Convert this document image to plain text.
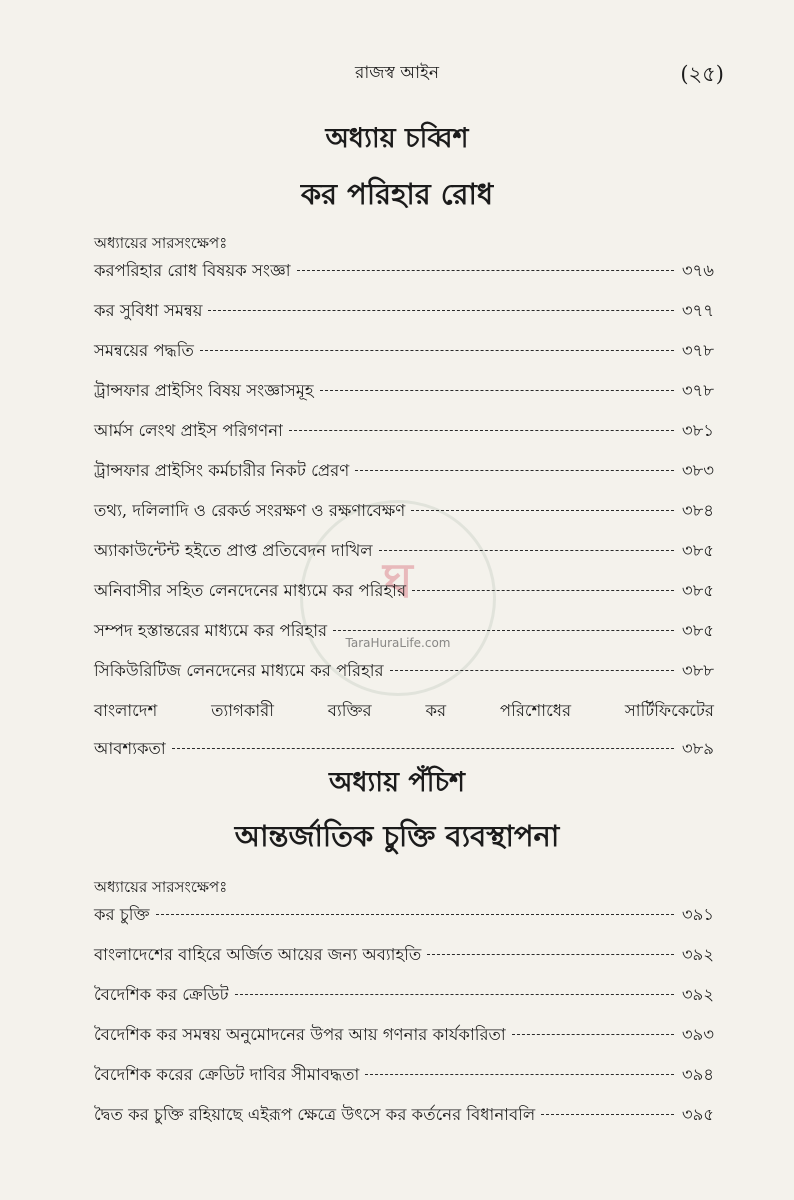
রাজস্ব আইন	(২৫)
ঘ
TaraHuraLife.com
অধ্যায় চব্বিশ
কর পরিহার রোধ
অধ্যায়ের সারসংক্ষেপঃ
করপরিহার রোধ বিষয়ক সংজ্ঞা	৩৭৬
কর সুবিধা সমন্বয়	৩৭৭
সমন্বয়ের পদ্ধতি	৩৭৮
ট্রান্সফার প্রাইসিং বিষয় সংজ্ঞাসমূহ	৩৭৮
আর্মস লেংথ প্রাইস পরিগণনা	৩৮১
ট্রান্সফার প্রাইসিং কর্মচারীর নিকট প্রেরণ	৩৮৩
তথ্য, দলিলাদি ও রেকর্ড সংরক্ষণ ও রক্ষণাবেক্ষণ	৩৮৪
অ্যাকাউন্টেন্ট হইতে প্রাপ্ত প্রতিবেদন দাখিল	৩৮৫
অনিবাসীর সহিত লেনদেনের মাধ্যমে কর পরিহার	৩৮৫
সম্পদ হস্তান্তরের মাধ্যমে কর পরিহার	৩৮৫
সিকিউরিটিজ লেনদেনের মাধ্যমে কর পরিহার	৩৮৮
বাংলাদেশ	ত্যাগকারী	ব্যক্তির	কর	পরিশোধের	সার্টিফিকেটের
আবশ্যকতা	৩৮৯
অধ্যায় পঁচিশ
আন্তর্জাতিক চুক্তি ব্যবস্থাপনা
অধ্যায়ের সারসংক্ষেপঃ
কর চুক্তি	৩৯১
বাংলাদেশের বাহিরে অর্জিত আয়ের জন্য অব্যাহতি	৩৯২
বৈদেশিক কর ক্রেডিট	৩৯২
বৈদেশিক কর সমন্বয় অনুমোদনের উপর আয় গণনার কার্যকারিতা	৩৯৩
বৈদেশিক করের ক্রেডিট দাবির সীমাবদ্ধতা	৩৯৪
দ্বৈত কর চুক্তি রহিয়াছে এইরূপ ক্ষেত্রে উৎসে কর কর্তনের বিধানাবলি	৩৯৫
